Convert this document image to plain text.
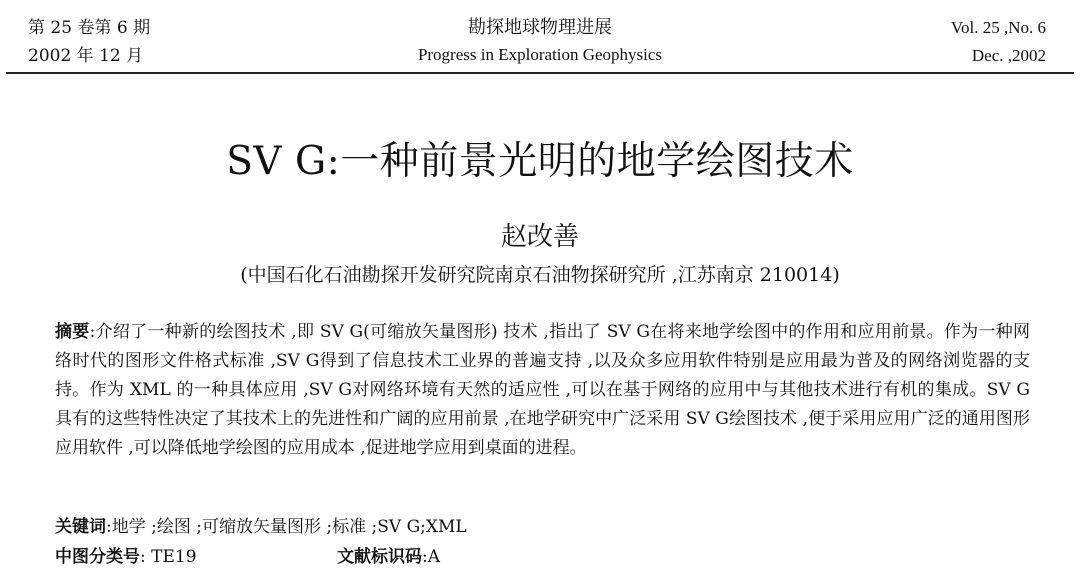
第 25 卷第 6 期
2002 年 12 月
勘探地球物理进展
Progress in Exploration Geophysics
Vol. 25 ,No. 6
Dec. ,2002
SV G:一种前景光明的地学绘图技术
赵改善
(中国石化石油勘探开发研究院南京石油物探研究所 ,江苏南京 210014)

摘要:介绍了一种新的绘图技术 ,即 SV G(可缩放矢量图形) 技术 ,指出了 SV G在将来地学绘图中的作用和应用前景。作为一种网络时代的图形文件格式标准 ,SV G得到了信息技术工业界的普遍支持 ,以及众多应用软件特别是应用最为普及的网络浏览器的支持。作为 XML 的一种具体应用 ,SV G对网络环境有天然的适应性 ,可以在基于网络的应用中与其他技术进行有机的集成。SV G具有的这些特性决定了其技术上的先进性和广阔的应用前景 ,在地学研究中广泛采用 SV G绘图技术 ,便于采用应用广泛的通用图形应用软件 ,可以降低地学绘图的应用成本 ,促进地学应用到桌面的进程。

关键词:地学 ;绘图 ;可缩放矢量图形 ;标准 ;SV G;XML
中图分类号: TE19	文献标识码:A
